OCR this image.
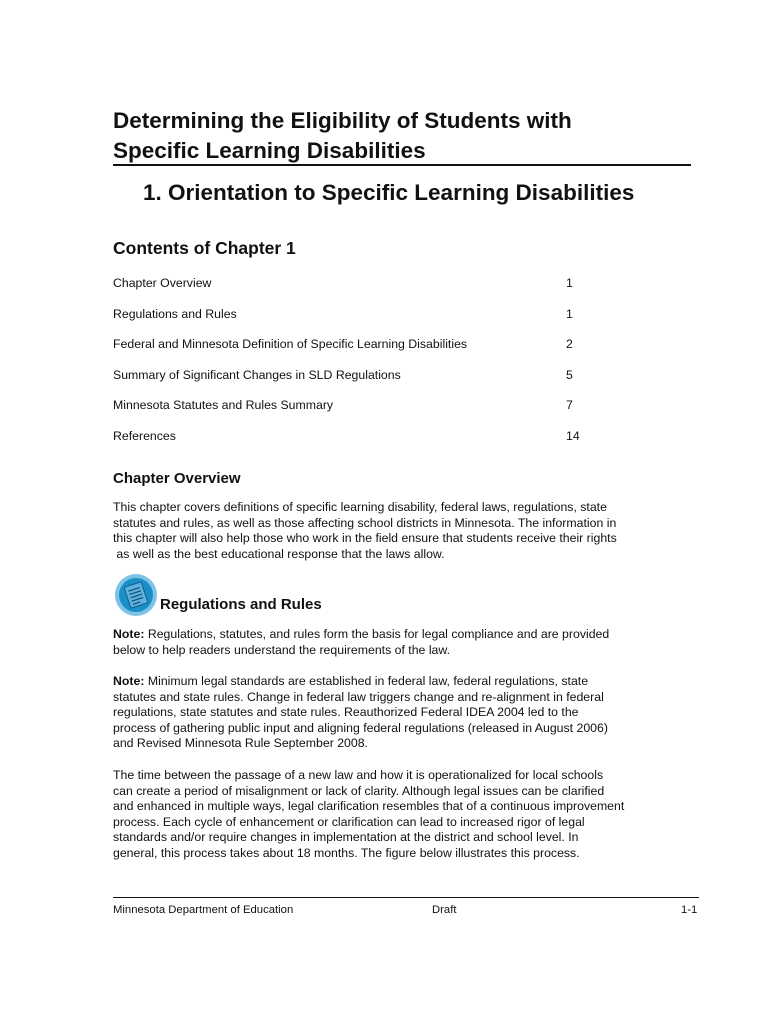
Determining the Eligibility of Students with
Specific Learning Disabilities
1. Orientation to Specific Learning Disabilities
Contents of Chapter 1
Chapter Overview	1
Regulations and Rules	1
Federal and Minnesota Definition of Specific Learning Disabilities	2
Summary of Significant Changes in SLD Regulations	5
Minnesota Statutes and Rules Summary	7
References	14
Chapter Overview

This chapter covers definitions of specific learning disability, federal laws, regulations, state
statutes and rules, as well as those affecting school districts in Minnesota. The information in
this chapter will also help those who work in the field ensure that students receive their rights
as well as the best educational response that the laws allow.

Regulations and Rules

Note: Regulations, statutes, and rules form the basis for legal compliance and are provided
below to help readers understand the requirements of the law.

Note: Minimum legal standards are established in federal law, federal regulations, state
statutes and state rules. Change in federal law triggers change and re-alignment in federal
regulations, state statutes and state rules. Reauthorized Federal IDEA 2004 led to the
process of gathering public input and aligning federal regulations (released in August 2006)
and Revised Minnesota Rule September 2008.

The time between the passage of a new law and how it is operationalized for local schools
can create a period of misalignment or lack of clarity. Although legal issues can be clarified
and enhanced in multiple ways, legal clarification resembles that of a continuous improvement
process. Each cycle of enhancement or clarification can lead to increased rigor of legal
standards and/or require changes in implementation at the district and school level. In
general, this process takes about 18 months. The figure below illustrates this process.

Minnesota Department of Education	Draft	1-1
